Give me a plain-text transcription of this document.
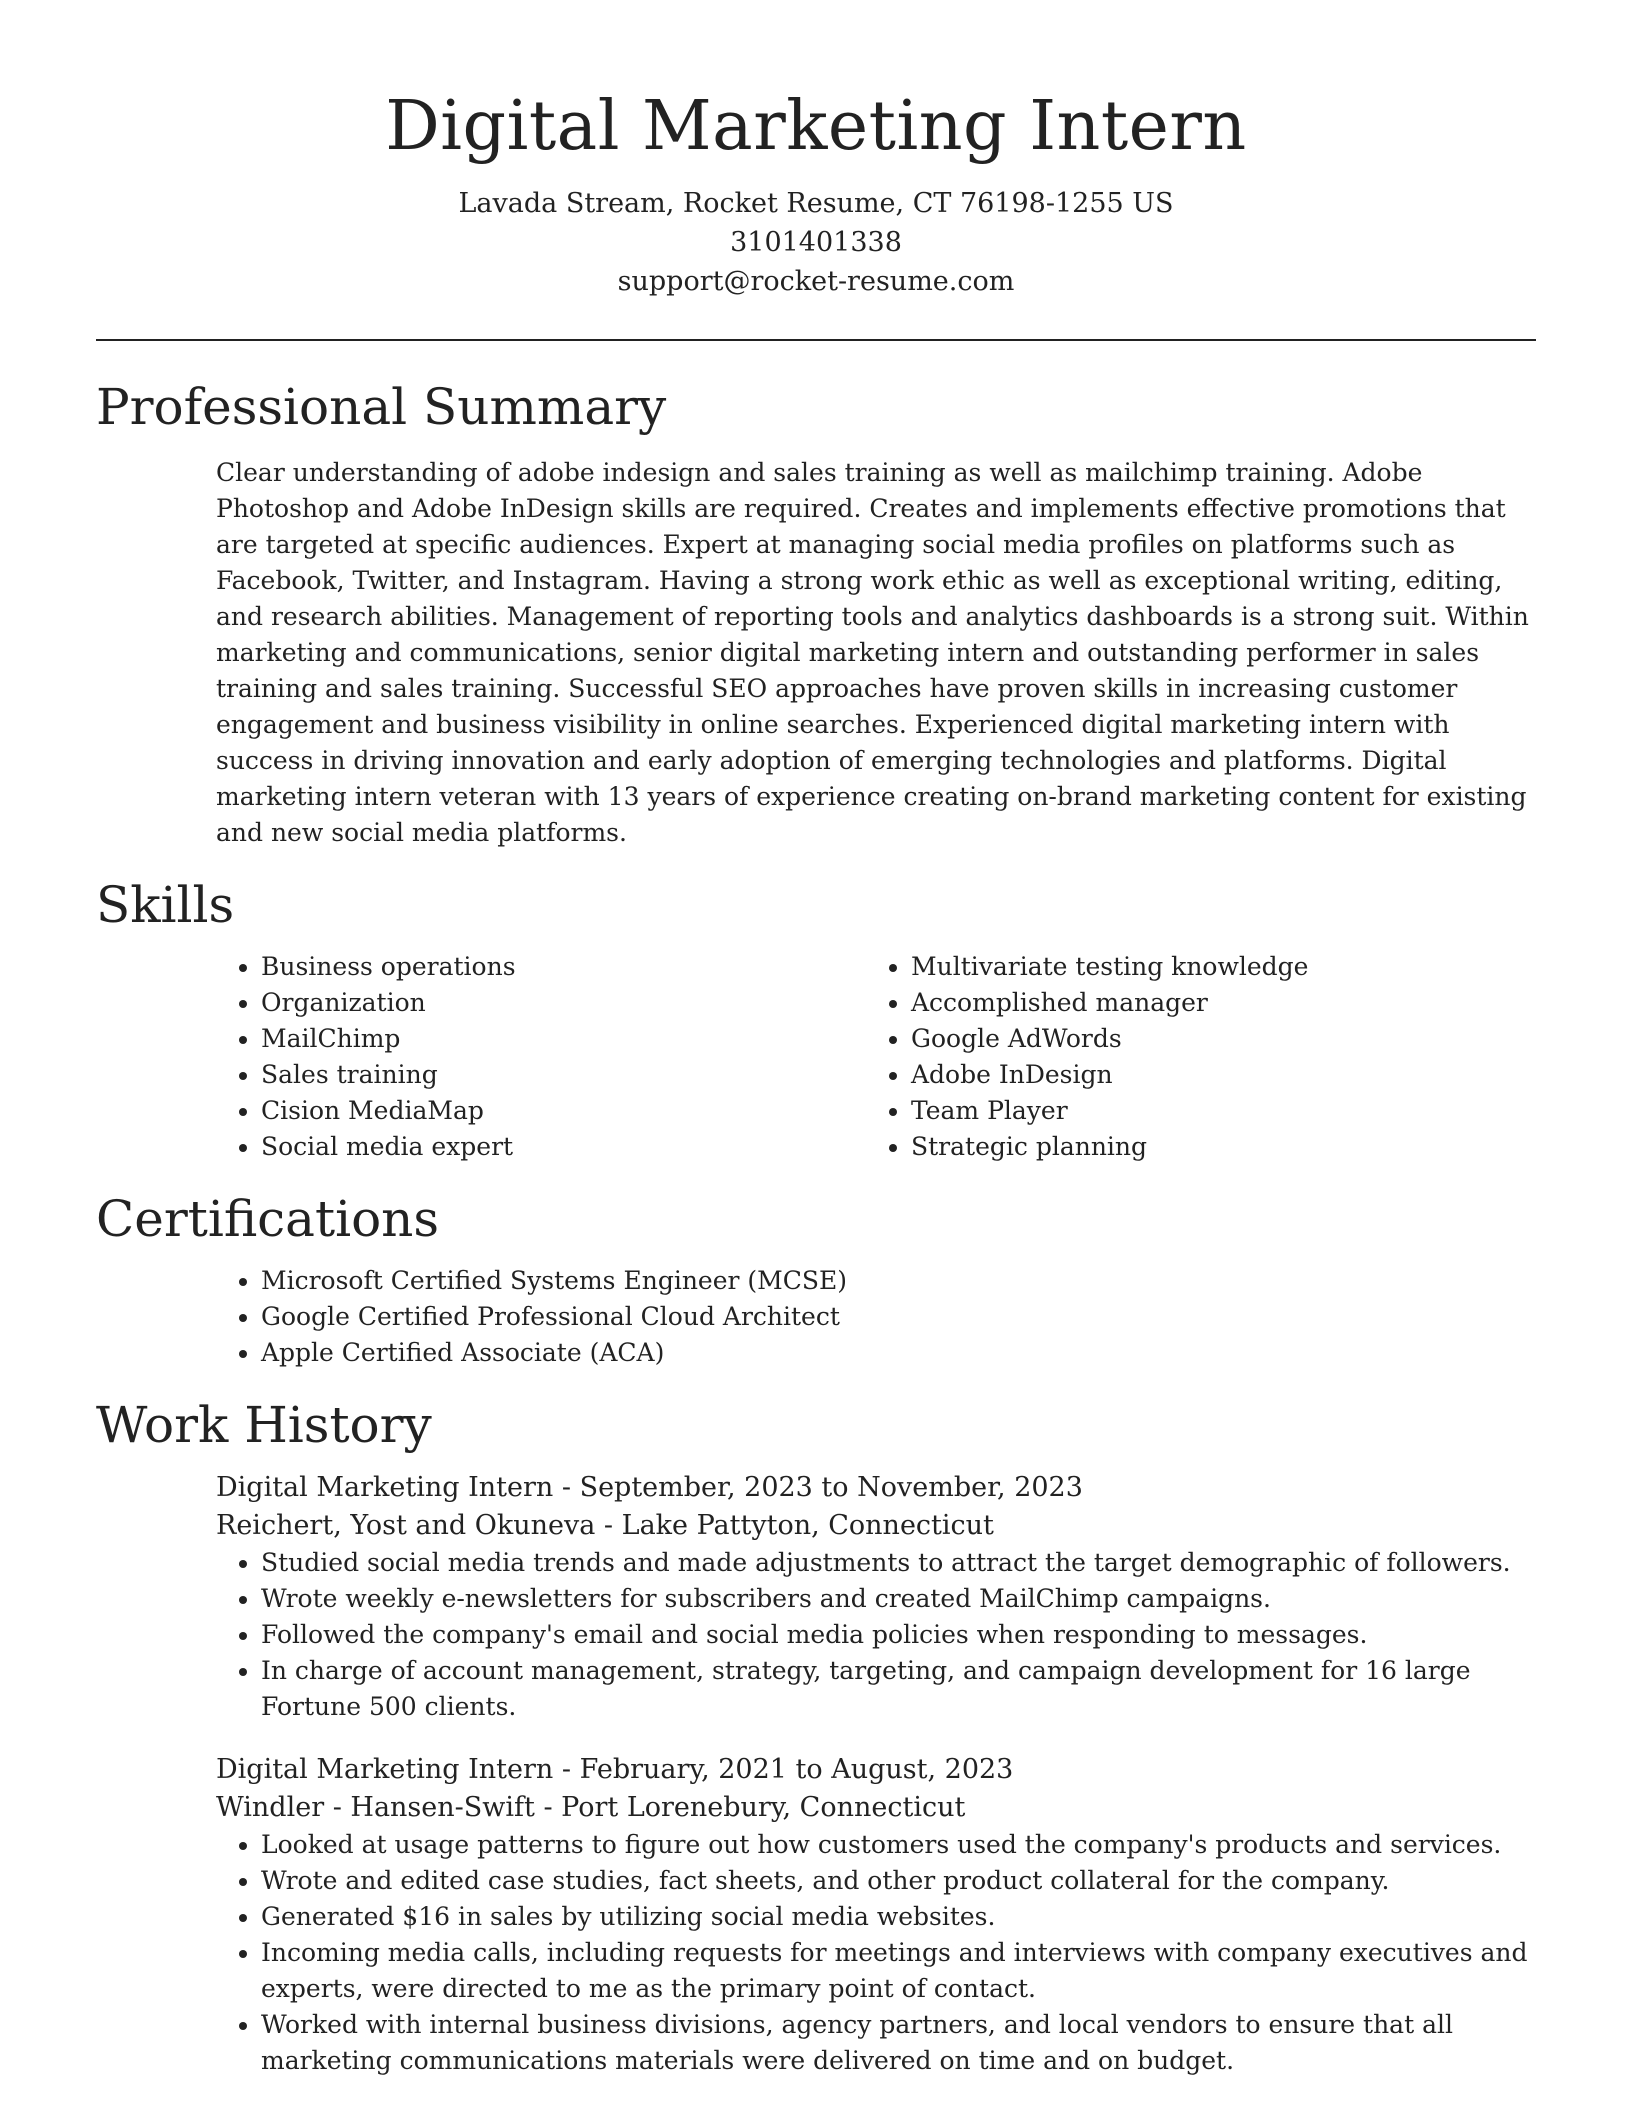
Digital Marketing Intern
Lavada Stream, Rocket Resume, CT 76198-1255 US
3101401338
support@rocket-resume.com
Professional Summary
Clear understanding of adobe indesign and sales training as well as mailchimp training. Adobe Photoshop and Adobe InDesign skills are required. Creates and implements effective promotions that are targeted at specific audiences. Expert at managing social media profiles on platforms such as Facebook, Twitter, and Instagram. Having a strong work ethic as well as exceptional writing, editing, and research abilities. Management of reporting tools and analytics dashboards is a strong suit. Within marketing and communications, senior digital marketing intern and outstanding performer in sales training and sales training. Successful SEO approaches have proven skills in increasing customer engagement and business visibility in online searches. Experienced digital marketing intern with success in driving innovation and early adoption of emerging technologies and platforms. Digital marketing intern veteran with 13 years of experience creating on-brand marketing content for existing and new social media platforms.
Skills
• Business operations
• Organization
• MailChimp
• Sales training
• Cision MediaMap
• Social media expert
• Multivariate testing knowledge
• Accomplished manager
• Google AdWords
• Adobe InDesign
• Team Player
• Strategic planning
Certifications
• Microsoft Certified Systems Engineer (MCSE)
• Google Certified Professional Cloud Architect
• Apple Certified Associate (ACA)
Work History
Digital Marketing Intern - September, 2023 to November, 2023
Reichert, Yost and Okuneva - Lake Pattyton, Connecticut
• Studied social media trends and made adjustments to attract the target demographic of followers.
• Wrote weekly e-newsletters for subscribers and created MailChimp campaigns.
• Followed the company's email and social media policies when responding to messages.
• In charge of account management, strategy, targeting, and campaign development for 16 large Fortune 500 clients.
Digital Marketing Intern - February, 2021 to August, 2023
Windler - Hansen-Swift - Port Lorenebury, Connecticut
• Looked at usage patterns to figure out how customers used the company's products and services.
• Wrote and edited case studies, fact sheets, and other product collateral for the company.
• Generated $16 in sales by utilizing social media websites.
• Incoming media calls, including requests for meetings and interviews with company executives and experts, were directed to me as the primary point of contact.
• Worked with internal business divisions, agency partners, and local vendors to ensure that all marketing communications materials were delivered on time and on budget.
